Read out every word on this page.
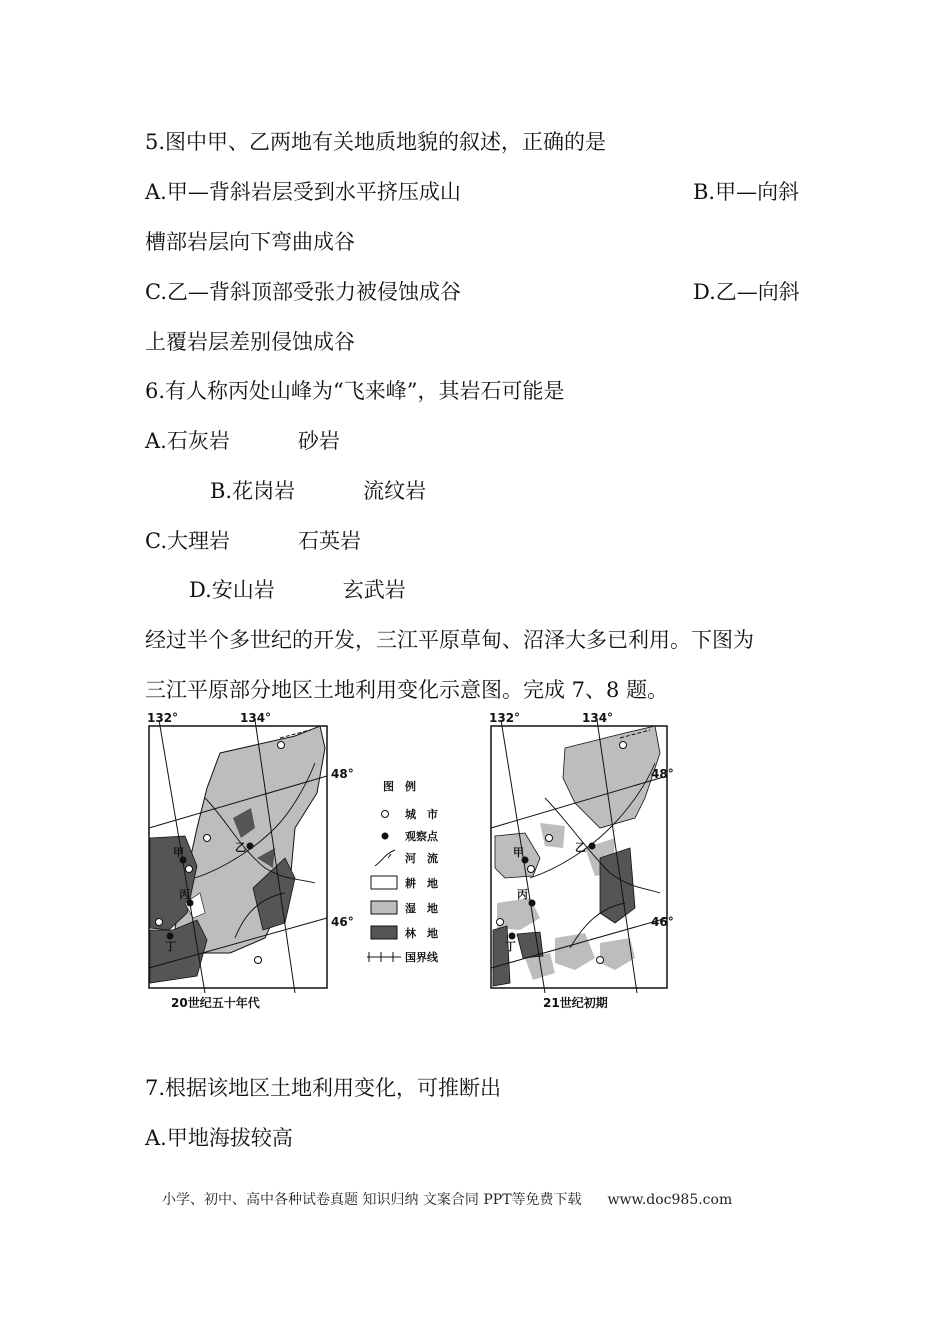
5.图中甲、乙两地有关地质地貌的叙述，正确的是
A.甲—背斜岩层受到水平挤压成山	B.甲—向斜
槽部岩层向下弯曲成谷
C.乙—背斜顶部受张力被侵蚀成谷	D.乙—向斜
上覆岩层差别侵蚀成谷
6.有人称丙处山峰为“飞来峰”，其岩石可能是
A.石灰岩	砂岩
B.花岗岩	流纹岩
C.大理岩	石英岩
D.安山岩	玄武岩
经过半个多世纪的开发，三江平原草甸、沼泽大多已利用。下图为
三江平原部分地区土地利用变化示意图。完成 7、8 题。
甲	乙
丙
丁
132°	134°
48°
46°
20世纪五十年代
图　例
城　市
观察点
河　流
耕　地
湿　地
林　地
国界线
甲	乙
丙
丁
132°	134°
48°
46°
21世纪初期
7.根据该地区土地利用变化，可推断出
A.甲地海拔较高
小学、初中、高中各种试卷真题 知识归纳 文案合同 PPT等免费下载 www.doc985.com
